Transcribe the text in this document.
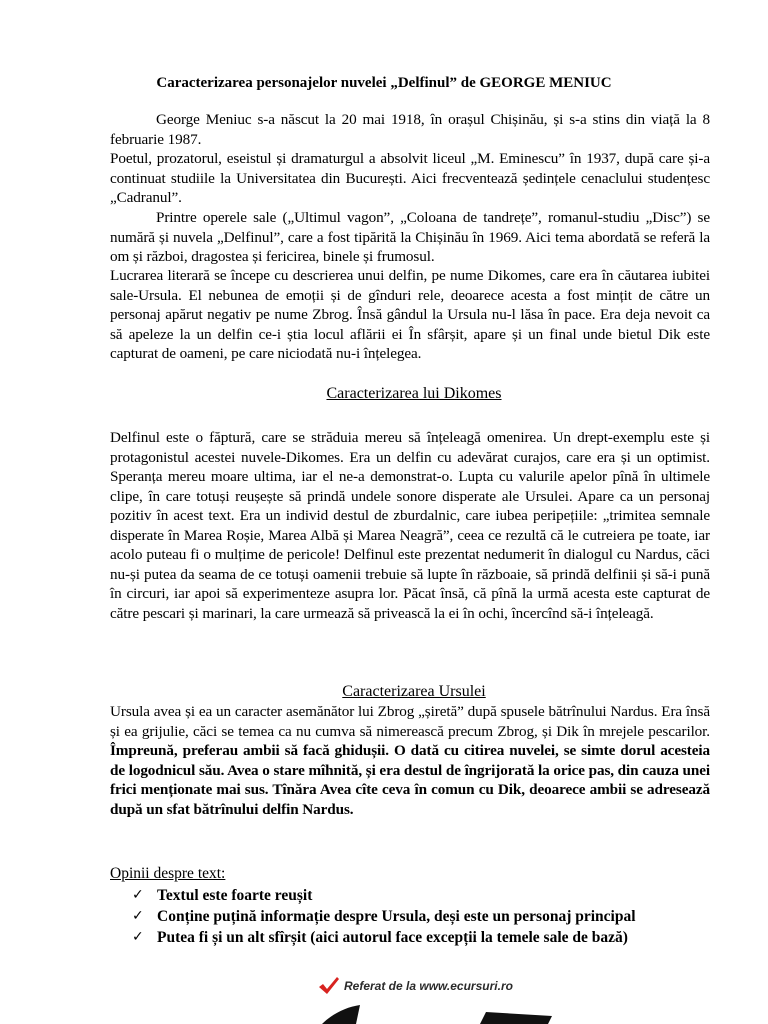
Caracterizarea personajelor nuvelei „Delfinul” de GEORGE MENIUC

George Meniuc s-a născut la 20 mai 1918, în orașul Chișinău, și s-a stins din viață la 8 februarie 1987.

Poetul, prozatorul, eseistul și dramaturgul a absolvit liceul „M. Eminescu” în 1937, după care și-a continuat studiile la Universitatea din București. Aici frecventează ședințele cenaclului studențesc „Cadranul”.

Printre operele sale („Ultimul vagon”, „Coloana de tandrețe”, romanul-studiu „Disc”) se numără și nuvela „Delfinul”, care a fost tipărită la Chișinău în 1969. Aici tema abordată se referă la om și război, dragostea și fericirea, binele și frumosul.

Lucrarea literară se începe cu descrierea unui delfin, pe nume Dikomes, care era în căutarea iubitei sale-Ursula. El nebunea de emoții și de gînduri rele, deoarece acesta a fost mințit de către un personaj apărut negativ pe nume Zbrog. Însă gândul la Ursula nu-l lăsa în pace. Era deja nevoit ca să apeleze la un delfin ce-i știa locul aflării ei În sfârșit, apare și un final unde bietul Dik este capturat de oameni, pe care niciodată nu-i înțelegea.

Caracterizarea lui Dikomes

Delfinul este o făptură, care se străduia mereu să înțeleagă omenirea. Un drept-exemplu este și protagonistul acestei nuvele-Dikomes. Era un delfin cu adevărat curajos, care era și un optimist. Speranța mereu moare ultima, iar el ne-a demonstrat-o. Lupta cu valurile apelor pînă în ultimele clipe, în care totuși reușește să prindă undele sonore disperate ale Ursulei. Apare ca un personaj pozitiv în acest text. Era un individ destul de zburdalnic, care iubea peripețiile: „trimitea semnale disperate în Marea Roșie, Marea Albă și Marea Neagră”, ceea ce rezultă că le cutreiera pe toate, iar acolo puteau fi o mulțime de pericole! Delfinul este prezentat nedumerit în dialogul cu Nardus, căci nu-și putea da seama de ce totuși oamenii trebuie să lupte în războaie, să prindă delfinii și să-i pună în circuri, iar apoi să experimenteze asupra lor. Păcat însă, că pînă la urmă acesta este capturat de către pescari și marinari, la care urmează să privească la ei în ochi, încercînd să-i înțeleagă.

Caracterizarea Ursulei

Ursula avea și ea un caracter asemănător lui Zbrog „șiretă” după spusele bătrînului Nardus. Era însă și ea grijulie, căci se temea ca nu cumva să nimerească precum Zbrog, și Dik în mrejele pescarilor. Împreună, preferau ambii să facă ghidușii. O dată cu citirea nuvelei, se simte dorul acesteia de logodnicul său. Avea o stare mîhnită, și era destul de îngrijorată la orice pas, din cauza unei frici menționate mai sus. Tînăra Avea cîte ceva în comun cu Dik, deoarece ambii se adresează după un sfat bătrînului delfin Nardus.

Opinii despre text:
✓ Textul este foarte reușit
✓ Conține puțină informație despre Ursula, deși este un personaj principal
✓ Putea fi și un alt sfîrșit (aici autorul face excepții la temele sale de bază)
Referat de la www.ecursuri.ro
